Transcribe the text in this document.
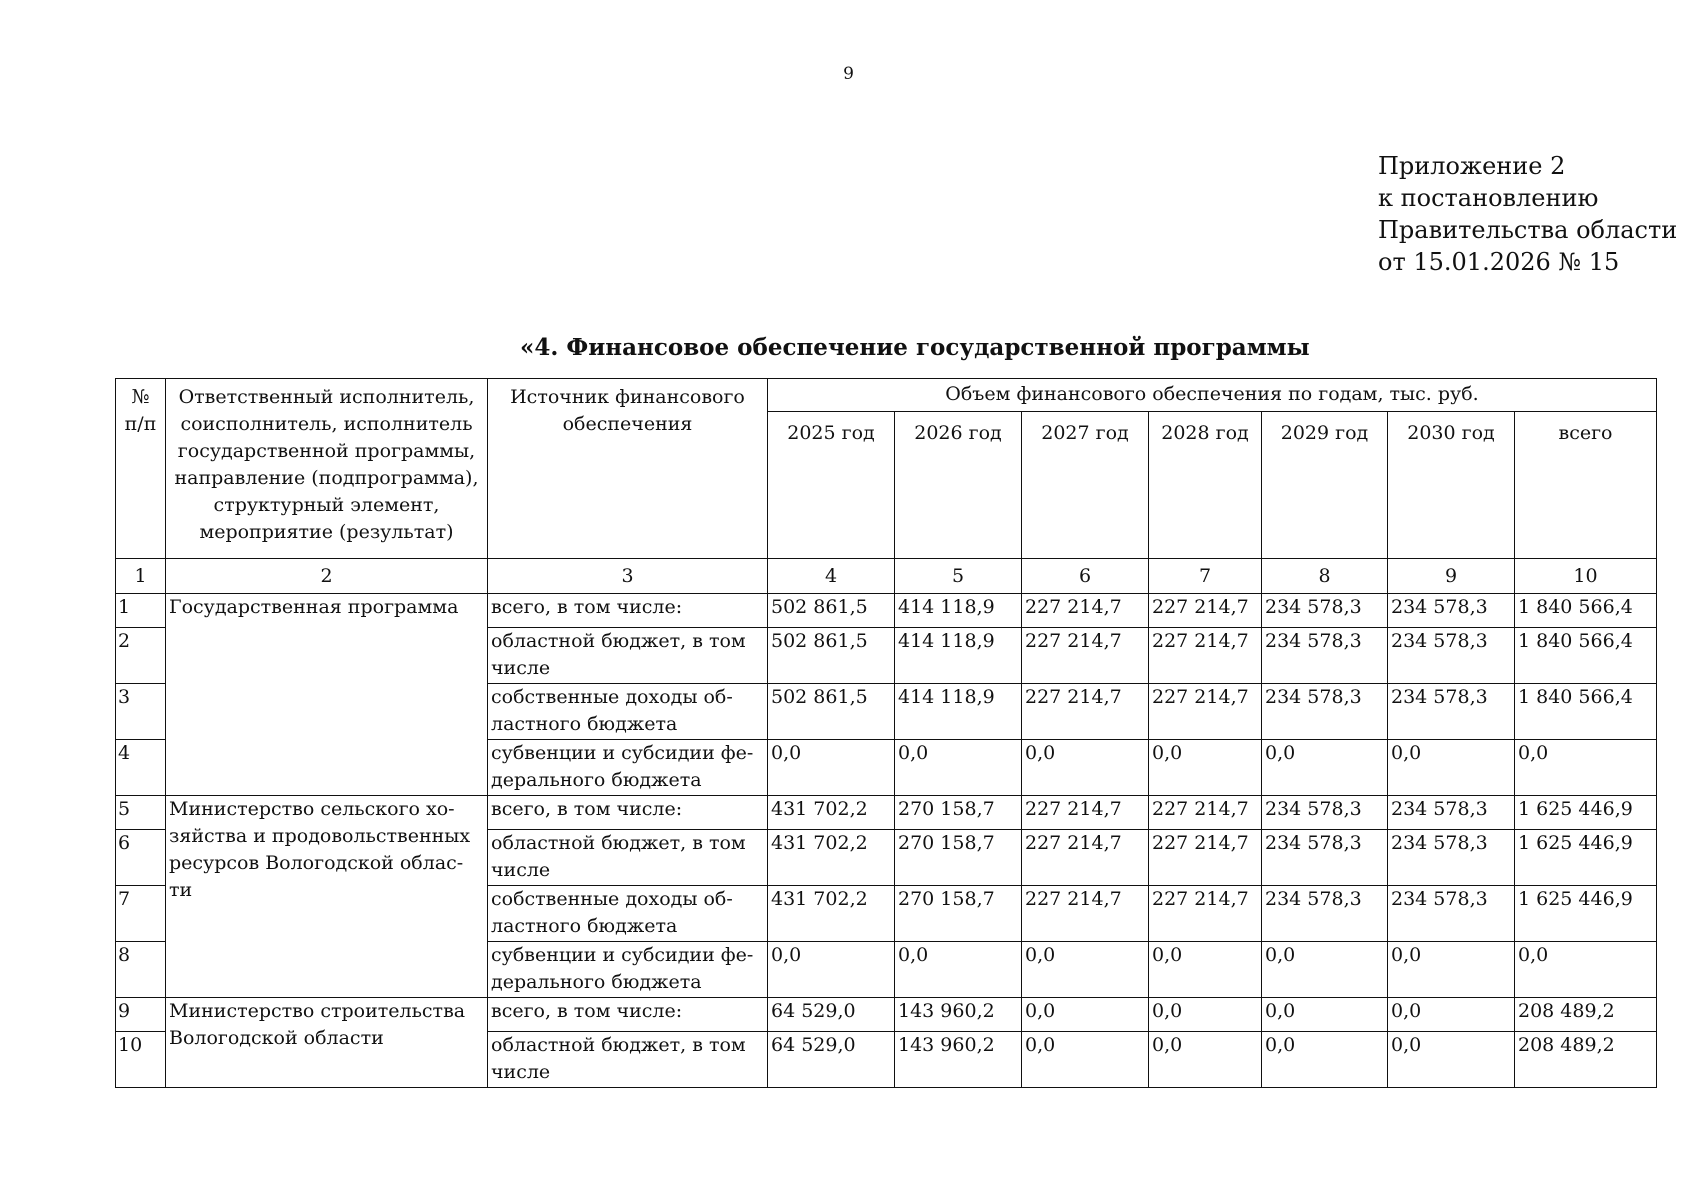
9
Приложение 2
к постановлению
Правительства области
от 15.01.2026 № 15
«4. Финансовое обеспечение государственной программы
№ п/п	Ответственный исполнитель, соисполнитель, исполнитель государственной программы, направление (подпрограмма), структурный элемент, мероприятие (результат)	Источник финансового обеспечения	Объем финансового обеспечения по годам, тыс. руб.						
			2025 год	2026 год	2027 год	2028 год	2029 год	2030 год	всего
1	2	3	4	5	6	7	8	9	10
1	Государственная программа	всего, в том числе:	502 861,5	414 118,9	227 214,7	227 214,7	234 578,3	234 578,3	1 840 566,4
2		областной бюджет, в том числе	502 861,5	414 118,9	227 214,7	227 214,7	234 578,3	234 578,3	1 840 566,4
3		собственные доходы об-ластного бюджета	502 861,5	414 118,9	227 214,7	227 214,7	234 578,3	234 578,3	1 840 566,4
4		субвенции и субсидии фе-дерального бюджета	0,0	0,0	0,0	0,0	0,0	0,0	0,0
5	Министерство сельского хо-зяйства и продовольственных ресурсов Вологодской облас-ти	всего, в том числе:	431 702,2	270 158,7	227 214,7	227 214,7	234 578,3	234 578,3	1 625 446,9
6		областной бюджет, в том числе	431 702,2	270 158,7	227 214,7	227 214,7	234 578,3	234 578,3	1 625 446,9
7		собственные доходы об-ластного бюджета	431 702,2	270 158,7	227 214,7	227 214,7	234 578,3	234 578,3	1 625 446,9
8		субвенции и субсидии фе-дерального бюджета	0,0	0,0	0,0	0,0	0,0	0,0	0,0
9	Министерство строительства Вологодской области	всего, в том числе:	64 529,0	143 960,2	0,0	0,0	0,0	0,0	208 489,2
10		областной бюджет, в том числе	64 529,0	143 960,2	0,0	0,0	0,0	0,0	208 489,2
